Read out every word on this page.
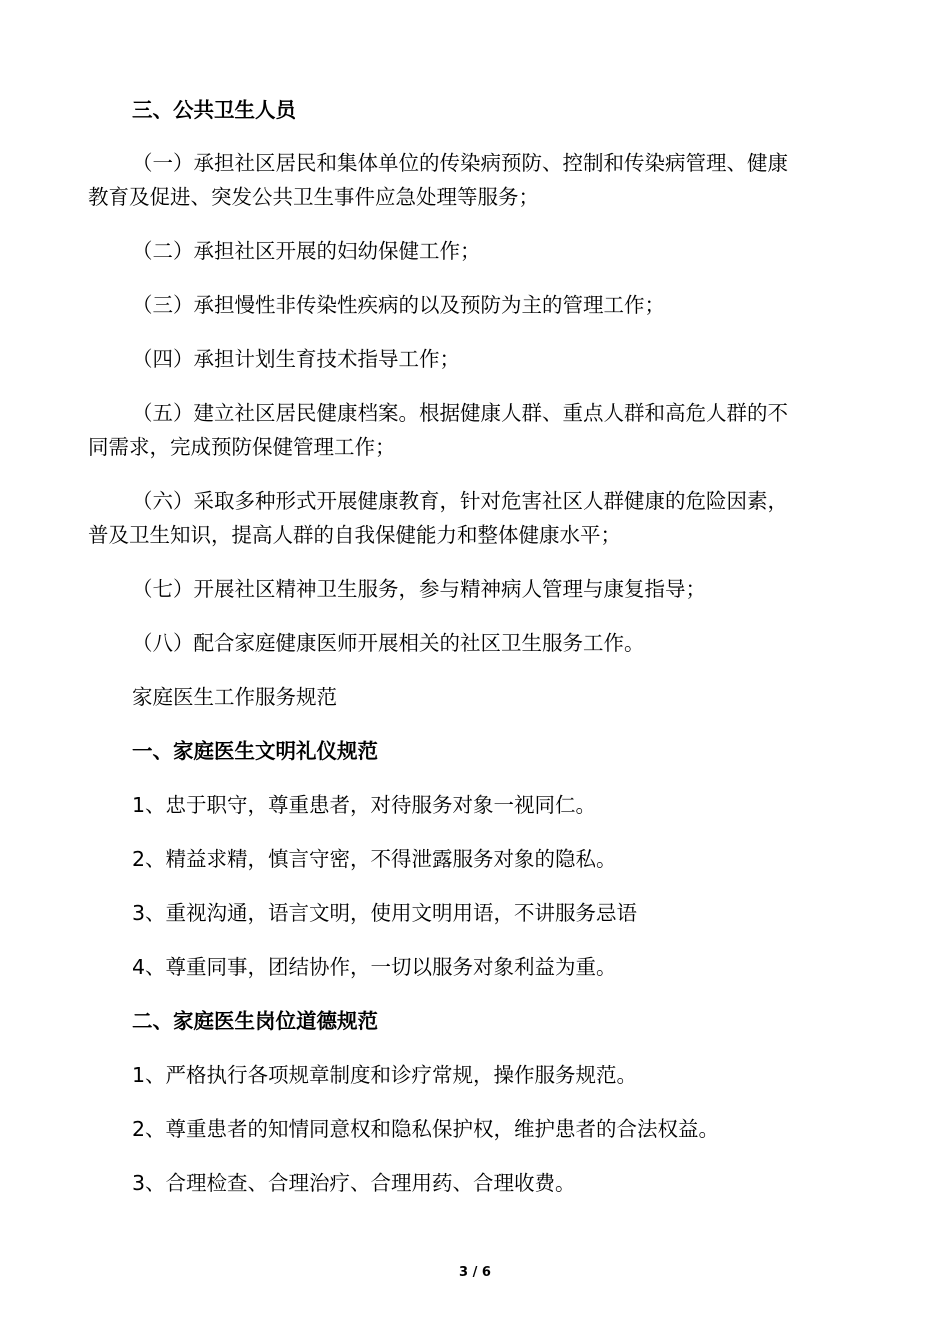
三、公共卫生人员
（一）承担社区居民和集体单位的传染病预防、控制和传染病管理、健康
教育及促进、突发公共卫生事件应急处理等服务；
（二）承担社区开展的妇幼保健工作；
（三）承担慢性非传染性疾病的以及预防为主的管理工作；
（四）承担计划生育技术指导工作；
（五）建立社区居民健康档案。根据健康人群、重点人群和高危人群的不
同需求，完成预防保健管理工作；
（六）采取多种形式开展健康教育，针对危害社区人群健康的危险因素，
普及卫生知识，提高人群的自我保健能力和整体健康水平；
（七）开展社区精神卫生服务，参与精神病人管理与康复指导；
（八）配合家庭健康医师开展相关的社区卫生服务工作。
家庭医生工作服务规范
一、家庭医生文明礼仪规范
1、忠于职守，尊重患者，对待服务对象一视同仁。
2、精益求精，慎言守密，不得泄露服务对象的隐私。
3、重视沟通，语言文明，使用文明用语，不讲服务忌语
4、尊重同事，团结协作，一切以服务对象利益为重。
二、家庭医生岗位道德规范
1、严格执行各项规章制度和诊疗常规，操作服务规范。
2、尊重患者的知情同意权和隐私保护权，维护患者的合法权益。
3、合理检查、合理治疗、合理用药、合理收费。
3 / 6
